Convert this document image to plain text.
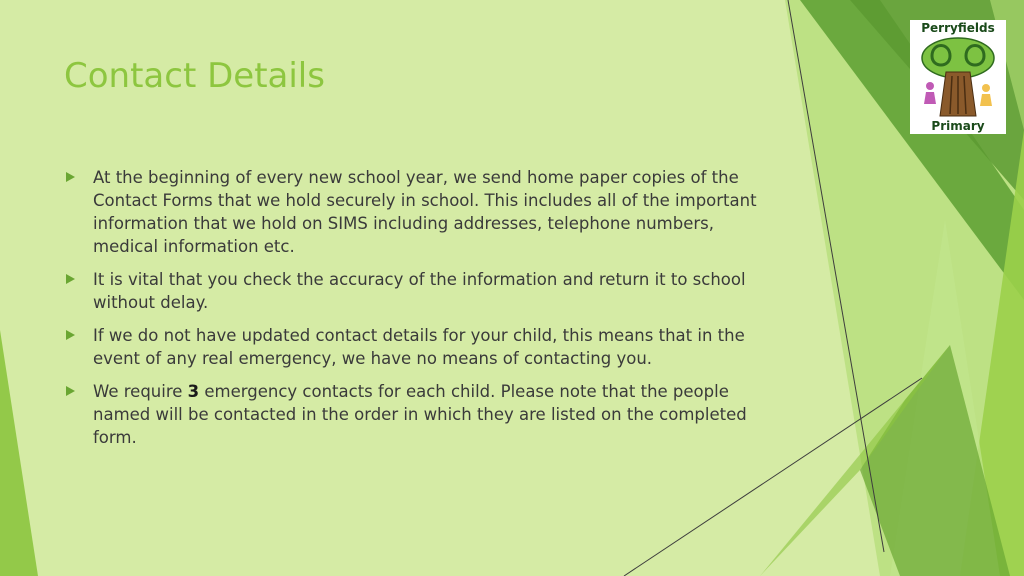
Contact Details
At the beginning of every new school year, we send home paper copies of the Contact Forms that we hold securely in school. This includes all of the important information that we hold on SIMS including addresses, telephone numbers, medical information etc.
It is vital that you check the accuracy of the information and return it to school without delay.
If we do not have updated contact details for your child, this means that in the event of any real emergency, we have no means of contacting you.
We require 3 emergency contacts for each child. Please note that the people named will be contacted in the order in which they are listed on the completed form.
Perryfields
Primary
